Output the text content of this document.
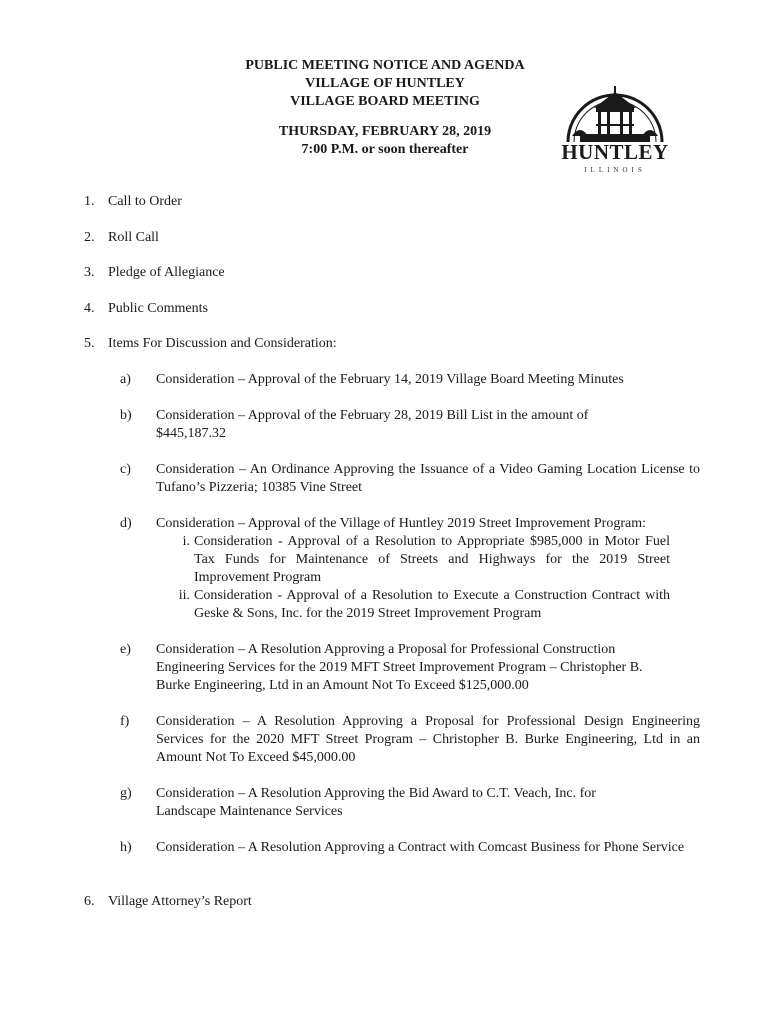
PUBLIC MEETING NOTICE AND AGENDA
VILLAGE OF HUNTLEY
VILLAGE BOARD MEETING
THURSDAY, FEBRUARY 28, 2019
7:00 P.M. or soon thereafter	HUNTLEY
ILLINOIS
1. Call to Order
2. Roll Call
3. Pledge of Allegiance
4. Public Comments
5. Items For Discussion and Consideration:
a)	Consideration – Approval of the February 14, 2019 Village Board Meeting Minutes
b)	Consideration – Approval of the February 28, 2019 Bill List in the amount of $445,187.32
c)	Consideration – An Ordinance Approving the Issuance of a Video Gaming Location License to Tufano’s Pizzeria; 10385 Vine Street
d)	Consideration – Approval of the Village of Huntley 2019 Street Improvement Program:
i. Consideration - Approval of a Resolution to Appropriate $985,000 in Motor Fuel Tax Funds for Maintenance of Streets and Highways for the 2019 Street Improvement Program
ii. Consideration - Approval of a Resolution to Execute a Construction Contract with Geske & Sons, Inc. for the 2019 Street Improvement Program
e)	Consideration – A Resolution Approving a Proposal for Professional Construction Engineering Services for the 2019 MFT Street Improvement Program – Christopher B. Burke Engineering, Ltd in an Amount Not To Exceed $125,000.00
f)	Consideration – A Resolution Approving a Proposal for Professional Design Engineering Services for the 2020 MFT Street Program – Christopher B. Burke Engineering, Ltd in an Amount Not To Exceed $45,000.00
g)	Consideration – A Resolution Approving the Bid Award to C.T. Veach, Inc. for Landscape Maintenance Services
h)	Consideration – A Resolution Approving a Contract with Comcast Business for Phone Service
6. Village Attorney’s Report
